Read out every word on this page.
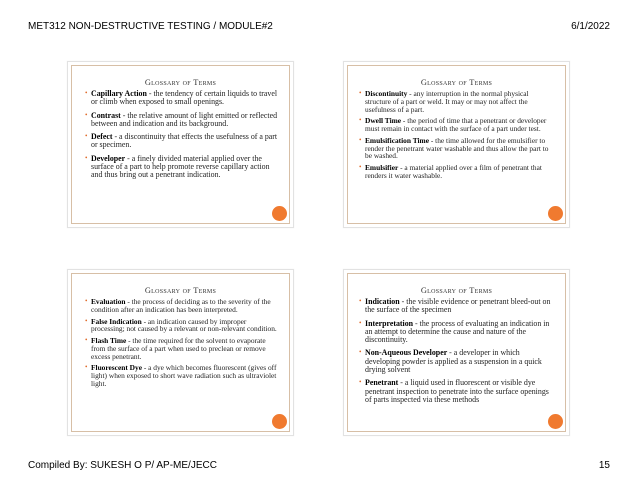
MET312 NON-DESTRUCTIVE TESTING / MODULE#2	6/1/2022
Glossary of Terms
• Capillary Action - the tendency of certain liquids to travel or climb when exposed to small openings.
• Contrast - the relative amount of light emitted or reflected between and indication and its background.
• Defect - a discontinuity that effects the usefulness of a part or specimen.
• Developer - a finely divided material applied over the surface of a part to help promote reverse capillary action and thus bring out a penetrant indication.
Glossary of Terms
• Discontinuity - any interruption in the normal physical structure of a part or weld. It may or may not affect the usefulness of a part.
• Dwell Time - the period of time that a penetrant or developer must remain in contact with the surface of a part under test.
• Emulsification Time - the time allowed for the emulsifier to render the penetrant water washable and thus allow the part to be washed.
• Emulsifier - a material applied over a film of penetrant that renders it water washable.
Glossary of Terms
• Evaluation - the process of deciding as to the severity of the condition after an indication has been interpreted.
• False Indication - an indication caused by improper processing; not caused by a relevant or non-relevant condition.
• Flash Time - the time required for the solvent to evaporate from the surface of a part when used to preclean or remove excess penetrant.
• Fluorescent Dye - a dye which becomes fluorescent (gives off light) when exposed to short wave radiation such as ultraviolet light.
Glossary of Terms
• Indication - the visible evidence or penetrant bleed-out on the surface of the specimen
• Interpretation - the process of evaluating an indication in an attempt to determine the cause and nature of the discontinuity.
• Non-Aqueous Developer - a developer in which developing powder is applied as a suspension in a quick drying solvent
• Penetrant - a liquid used in fluorescent or visible dye penetrant inspection to penetrate into the surface openings of parts inspected via these methods
Compiled By: SUKESH O P/ AP-ME/JECC	15
